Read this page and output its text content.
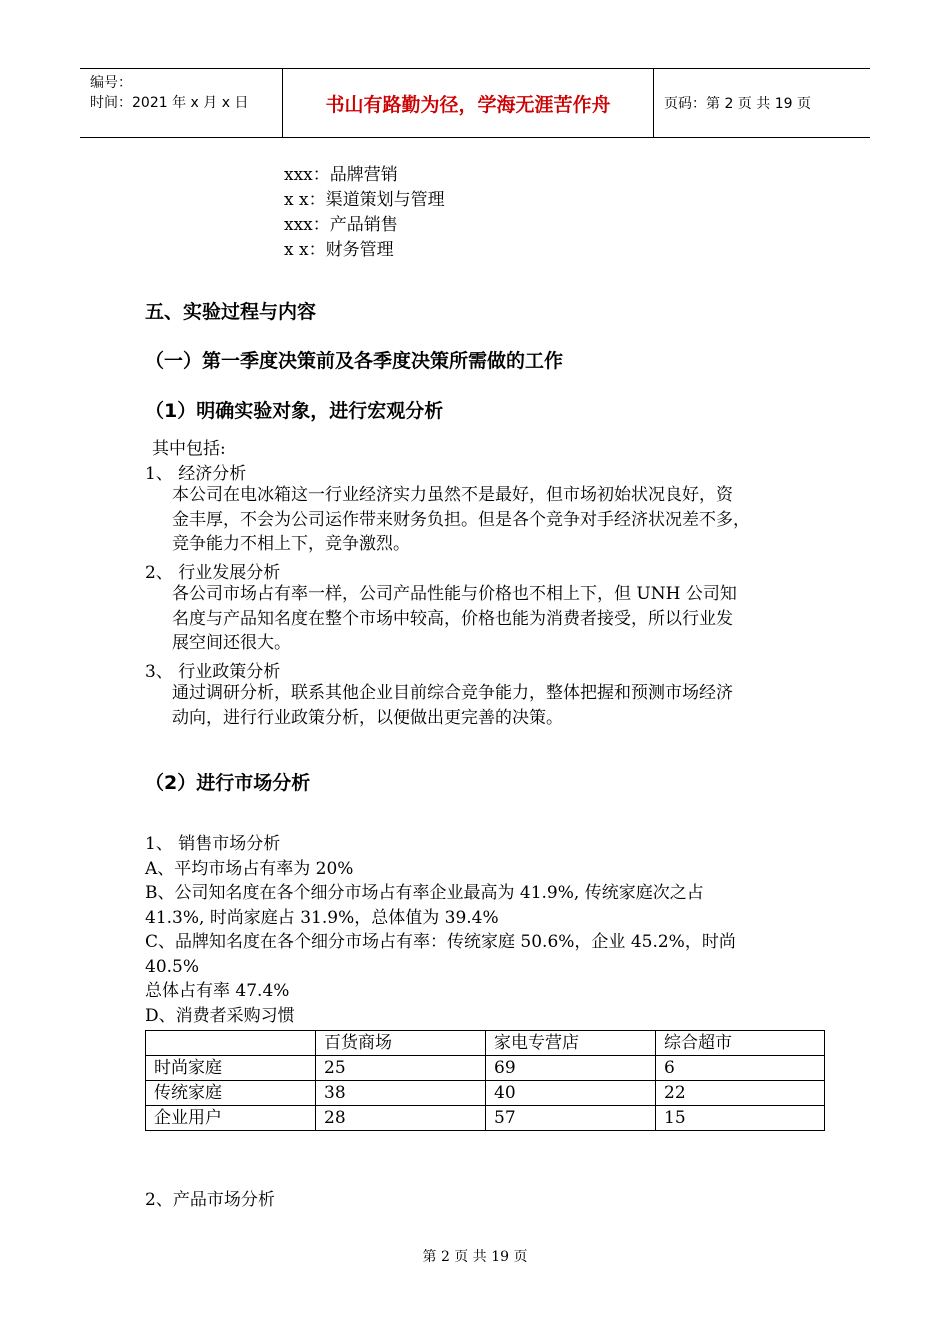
编号：
时间：2021 年 x 月 x 日	书山有路勤为径，学海无涯苦作舟	页码：第 2 页 共 19 页
xxx：品牌营销
x x：渠道策划与管理
xxx：产品销售
x x：财务管理
五、实验过程与内容
（一）第一季度决策前及各季度决策所需做的工作
（1）明确实验对象，进行宏观分析
其中包括:
1、 经济分析
本公司在电冰箱这一行业经济实力虽然不是最好，但市场初始状况良好，资
金丰厚，不会为公司运作带来财务负担。但是各个竞争对手经济状况差不多，
竞争能力不相上下，竞争激烈。
2、 行业发展分析
各公司市场占有率一样，公司产品性能与价格也不相上下，但 UNH 公司知
名度与产品知名度在整个市场中较高，价格也能为消费者接受，所以行业发
展空间还很大。
3、 行业政策分析
通过调研分析，联系其他企业目前综合竞争能力，整体把握和预测市场经济
动向，进行行业政策分析，以便做出更完善的决策。
（2）进行市场分析
1、 销售市场分析
A、平均市场占有率为 20%
B、公司知名度在各个细分市场占有率企业最高为 41.9%, 传统家庭次之占
41.3%, 时尚家庭占 31.9%，总体值为 39.4%
C、品牌知名度在各个细分市场占有率：传统家庭 50.6%，企业 45.2%，时尚
40.5%
总体占有率 47.4%
D、消费者采购习惯
	百货商场	家电专营店	综合超市
时尚家庭	25	69	6
传统家庭	38	40	22
企业用户	28	57	15
2、产品市场分析
第 2 页 共 19 页
